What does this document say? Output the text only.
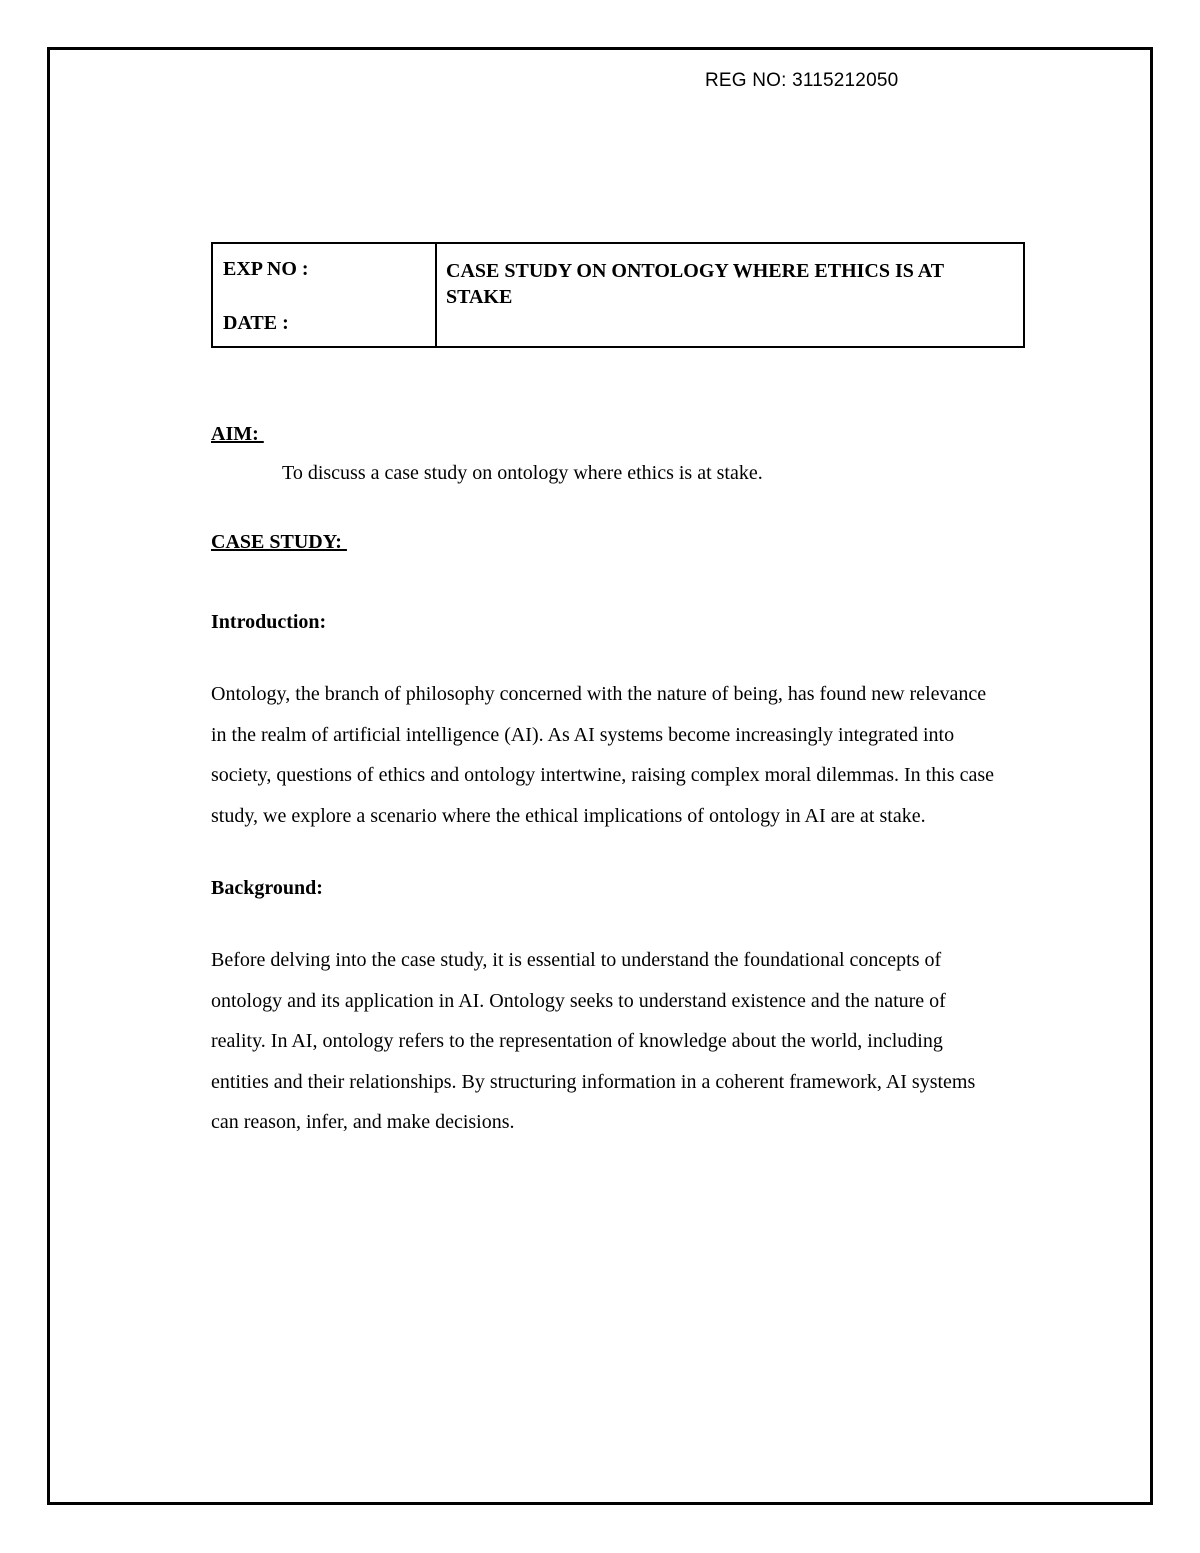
REG NO: 3115212050
EXP NO :
DATE :

CASE STUDY ON ONTOLOGY WHERE ETHICS IS AT STAKE

AIM:

To discuss a case study on ontology where ethics is at stake.

CASE STUDY:

Introduction:

Ontology, the branch of philosophy concerned with the nature of being, has found new relevance in the realm of artificial intelligence (AI). As AI systems become increasingly integrated into society, questions of ethics and ontology intertwine, raising complex moral dilemmas. In this case study, we explore a scenario where the ethical implications of ontology in AI are at stake.

Background:

Before delving into the case study, it is essential to understand the foundational concepts of ontology and its application in AI. Ontology seeks to understand existence and the nature of reality. In AI, ontology refers to the representation of knowledge about the world, including entities and their relationships. By structuring information in a coherent framework, AI systems can reason, infer, and make decisions.
